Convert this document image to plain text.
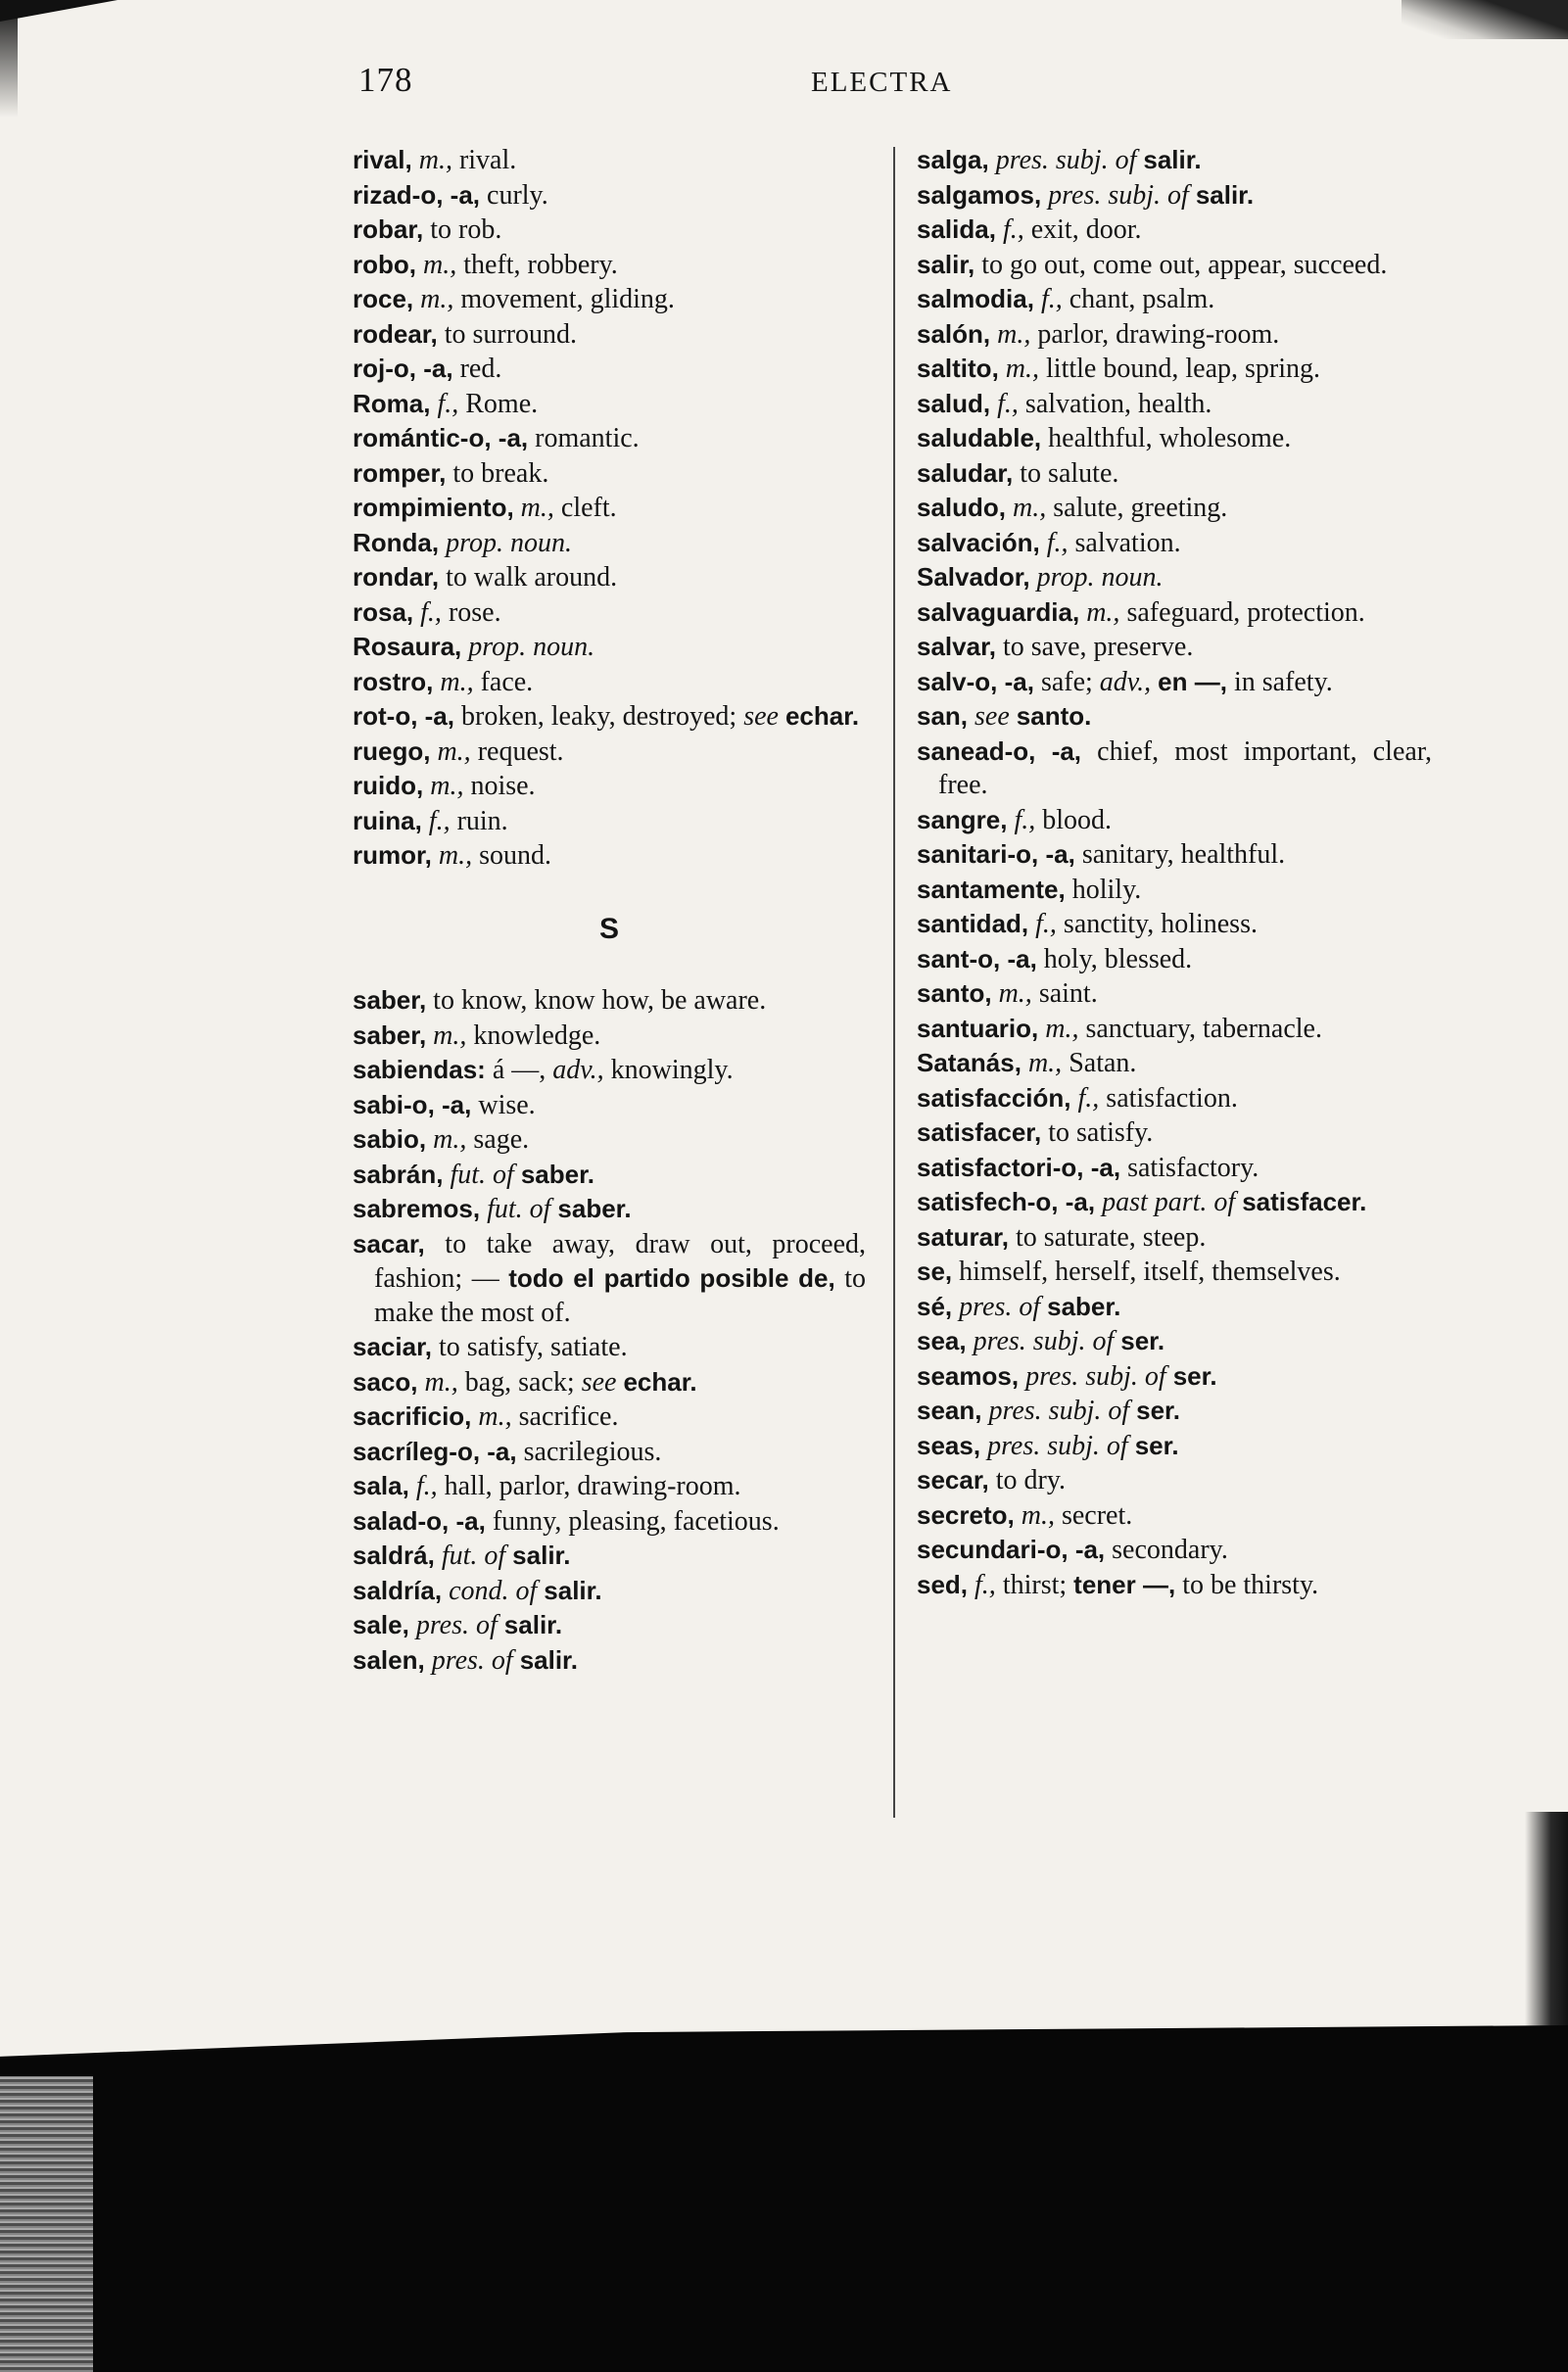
178	ELECTRA
rival, m., rival.
rizad-o, -a, curly.
robar, to rob.
robo, m., theft, robbery.
roce, m., movement, gliding.
rodear, to surround.
roj-o, -a, red.
Roma, f., Rome.
romántic-o, -a, romantic.
romper, to break.
rompimiento, m., cleft.
Ronda, prop. noun.
rondar, to walk around.
rosa, f., rose.
Rosaura, prop. noun.
rostro, m., face.
rot-o, -a, broken, leaky, destroyed; see echar.
ruego, m., request.
ruido, m., noise.
ruina, f., ruin.
rumor, m., sound.
S
saber, to know, know how, be aware.
saber, m., knowledge.
sabiendas: á —, adv., knowingly.
sabi-o, -a, wise.
sabio, m., sage.
sabrán, fut. of saber.
sabremos, fut. of saber.
sacar, to take away, draw out, proceed, fashion; — todo el partido posible de, to make the most of.
saciar, to satisfy, satiate.
saco, m., bag, sack; see echar.
sacrificio, m., sacrifice.
sacrílеg-o, -a, sacrilegious.
sala, f., hall, parlor, drawing-room.
salad-o, -a, funny, pleasing, facetious.
saldrá, fut. of salir.
saldría, cond. of salir.
sale, pres. of salir.
salen, pres. of salir.
salga, pres. subj. of salir.
salgamos, pres. subj. of salir.
salida, f., exit, door.
salir, to go out, come out, appear, succeed.
salmodia, f., chant, psalm.
salón, m., parlor, drawing-room.
saltito, m., little bound, leap, spring.
salud, f., salvation, health.
saludable, healthful, wholesome.
saludar, to salute.
saludo, m., salute, greeting.
salvación, f., salvation.
Salvador, prop. noun.
salvaguardia, m., safeguard, protection.
salvar, to save, preserve.
salv-o, -a, safe; adv., en —, in safety.
san, see santo.
sanead-o, -a, chief, most important, clear, free.
sangre, f., blood.
sanitari-o, -a, sanitary, healthful.
santamente, holily.
santidad, f., sanctity, holiness.
sant-o, -a, holy, blessed.
santo, m., saint.
santuario, m., sanctuary, tabernacle.
Satanás, m., Satan.
satisfacción, f., satisfaction.
satisfacer, to satisfy.
satisfactori-o, -a, satisfactory.
satisfech-o, -a, past part. of satisfacer.
saturar, to saturate, steep.
se, himself, herself, itself, themselves.
sé, pres. of saber.
sea, pres. subj. of ser.
seamos, pres. subj. of ser.
sean, pres. subj. of ser.
seas, pres. subj. of ser.
secar, to dry.
secreto, m., secret.
secundari-o, -a, secondary.
sed, f., thirst; tener —, to be thirsty.
